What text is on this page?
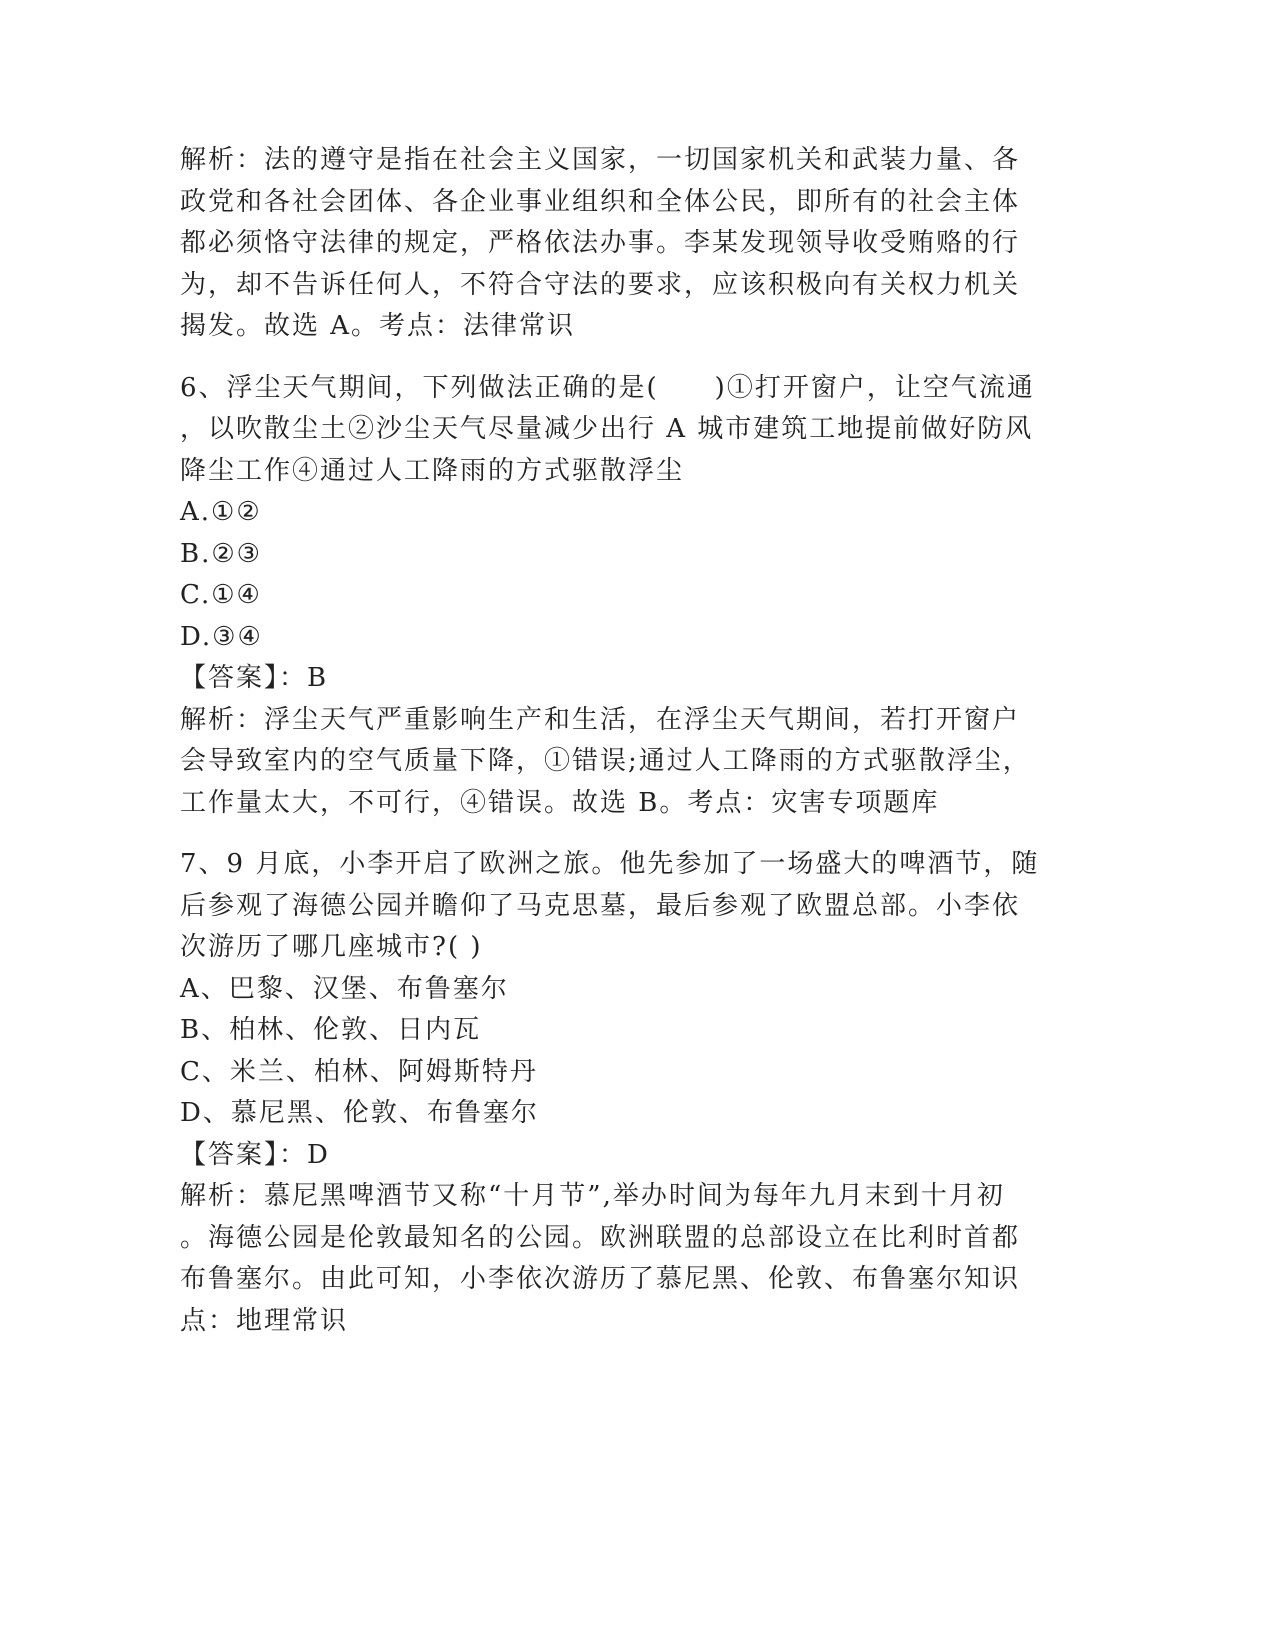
解析：法的遵守是指在社会主义国家，一切国家机关和武装力量、各
政党和各社会团体、各企业事业组织和全体公民，即所有的社会主体
都必须恪守法律的规定，严格依法办事。李某发现领导收受贿赂的行
为，却不告诉任何人，不符合守法的要求，应该积极向有关权力机关
揭发。故选 A。考点：法律常识
6、浮尘天气期间，下列做法正确的是(　　)①打开窗户，让空气流通
，以吹散尘土②沙尘天气尽量减少出行 A 城市建筑工地提前做好防风
降尘工作④通过人工降雨的方式驱散浮尘
A.①②
B.②③
C.①④
D.③④
【答案】：B
解析：浮尘天气严重影响生产和生活，在浮尘天气期间，若打开窗户
会导致室内的空气质量下降，①错误;通过人工降雨的方式驱散浮尘，
工作量太大，不可行，④错误。故选 B。考点：灾害专项题库
7、9 月底，小李开启了欧洲之旅。他先参加了一场盛大的啤酒节，随
后参观了海德公园并瞻仰了马克思墓，最后参观了欧盟总部。小李依
次游历了哪几座城市?( )
A、巴黎、汉堡、布鲁塞尔
B、柏林、伦敦、日内瓦
C、米兰、柏林、阿姆斯特丹
D、慕尼黑、伦敦、布鲁塞尔
【答案】：D
解析：慕尼黑啤酒节又称“十月节”,举办时间为每年九月末到十月初
。海德公园是伦敦最知名的公园。欧洲联盟的总部设立在比利时首都
布鲁塞尔。由此可知，小李依次游历了慕尼黑、伦敦、布鲁塞尔知识
点：地理常识
